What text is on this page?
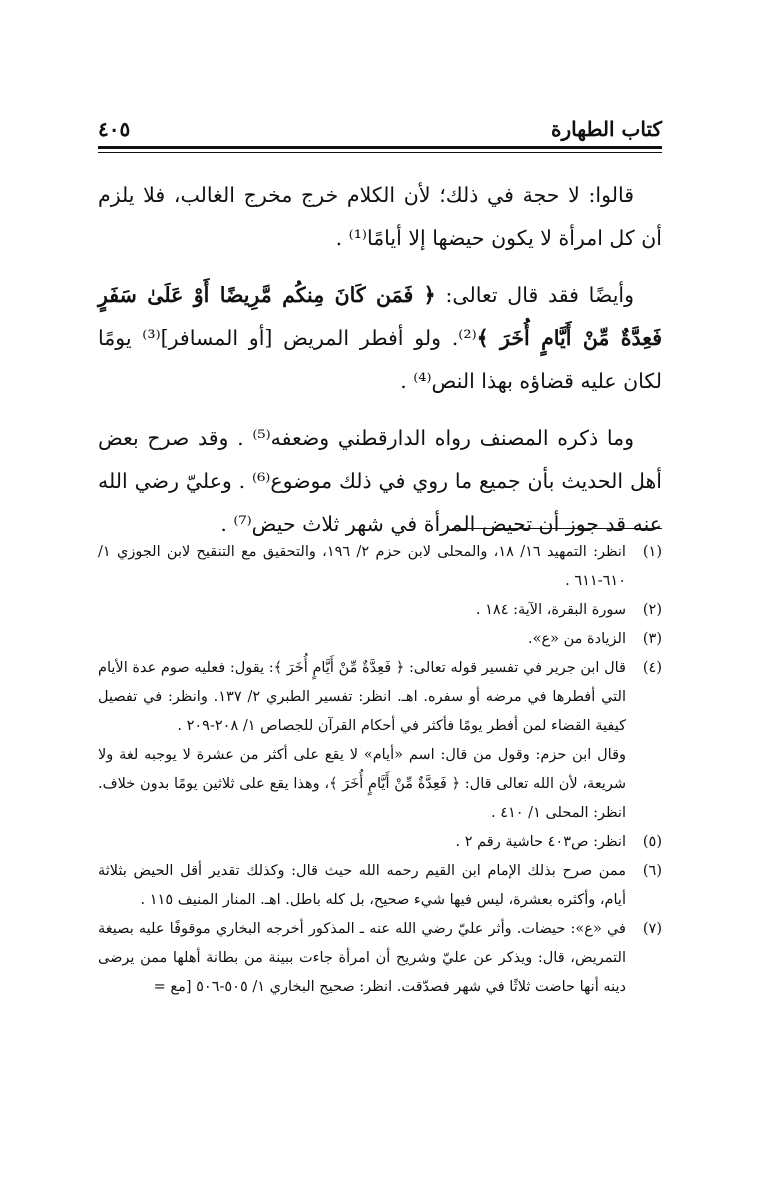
كتاب الطهارة
٤٠٥

قالوا: لا حجة في ذلك؛ لأن الكلام خرج مخرج الغالب، فلا يلزم أن كل امرأة لا يكون حيضها إلا أيامًا⁽¹⁾ .

وأيضًا فقد قال تعالى: ﴿ فَمَن كَانَ مِنكُم مَّرِيضًا أَوْ عَلَىٰ سَفَرٍ فَعِدَّةٌ مِّنْ أَيَّامٍ أُخَرَ ﴾⁽²⁾. ولو أفطر المريض [أو المسافر]⁽³⁾ يومًا لكان عليه قضاؤه بهذا النص⁽⁴⁾ .

وما ذكره المصنف رواه الدارقطني وضعفه⁽⁵⁾ . وقد صرح بعض أهل الحديث بأن جميع ما روي في ذلك موضوع⁽⁶⁾ . وعليّ رضي الله عنه قد جوز أن تحيض المرأة في شهر ثلاث حيض⁽⁷⁾ .

(١)

انظر: التمهيد ١٦/ ١٨، والمحلى لابن حزم ٢/ ١٩٦، والتحقيق مع التنقيح لابن الجوزي ١/ ٦١٠-٦١١ .

(٢)

سورة البقرة، الآية: ١٨٤ .

(٣)

الزيادة من «ع».

(٤)

قال ابن جرير في تفسير قوله تعالى: ﴿ فَعِدَّةٌ مِّنْ أَيَّامٍ أُخَرَ ﴾: يقول: فعليه صوم عدة الأيام التي أفطرها في مرضه أو سفره. اهـ. انظر: تفسير الطبري ٢/ ١٣٧. وانظر: في تفصيل كيفية القضاء لمن أفطر يومًا فأكثر في أحكام القرآن للجصاص ١/ ٢٠٨-٢٠٩ .

وقال ابن حزم: وقول من قال: اسم «أيام» لا يقع على أكثر من عشرة لا يوجبه لغة ولا شريعة، لأن الله تعالى قال: ﴿ فَعِدَّةٌ مِّنْ أَيَّامٍ أُخَرَ ﴾، وهذا يقع على ثلاثين يومًا بدون خلاف. انظر: المحلى ١/ ٤١٠ .

(٥)

انظر: ص٤٠٣ حاشية رقم ٢ .

(٦)

ممن صرح بذلك الإمام ابن القيم رحمه الله حيث قال: وكذلك تقدير أقل الحيض بثلاثة أيام، وأكثره بعشرة، ليس فيها شيء صحيح، بل كله باطل. اهـ. المنار المنيف ١١٥ .

(٧)

في «ع»: حيضات. وأثر عليّ رضي الله عنه ـ المذكور أخرجه البخاري موقوفًا عليه بصيغة التمريض، قال: ويذكر عن عليّ وشريح أن امرأة جاءت ببينة من بطانة أهلها ممن يرضى دينه أنها حاضت ثلاثًا في شهر فصدّقت. انظر: صحيح البخاري ١/ ٥٠٥-٥٠٦ [مع =
